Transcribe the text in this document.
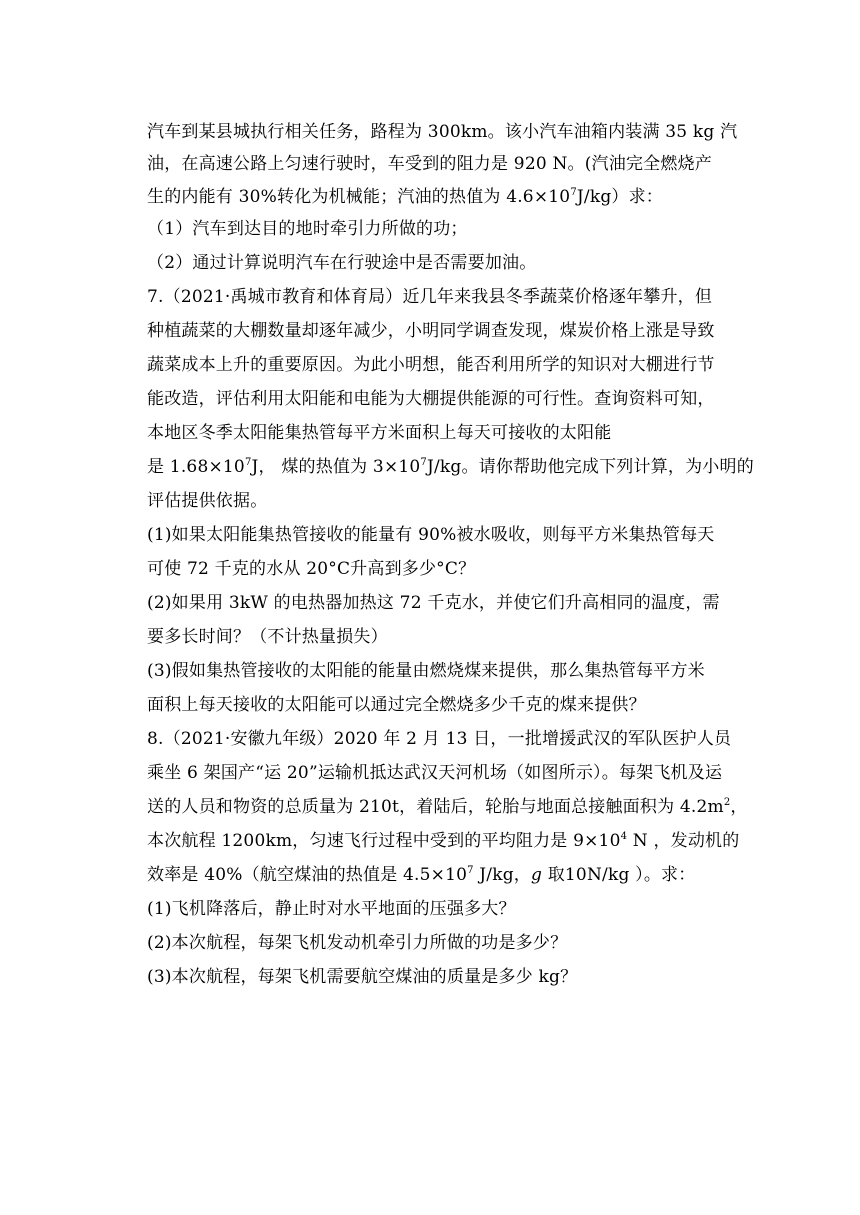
汽车到某县城执行相关任务，路程为 300km。该小汽车油箱内装满 35 kg 汽
油，在高速公路上匀速行驶时，车受到的阻力是 920 N。(汽油完全燃烧产
生的内能有 30%转化为机械能；汽油的热值为 $4.6\times 10^7J/kg$）求：
（1）汽车到达目的地时牵引力所做的功；
（2）通过计算说明汽车在行驶途中是否需要加油。
7.（2021·禹城市教育和体育局）近几年来我县冬季蔬菜价格逐年攀升，但
种植蔬菜的大棚数量却逐年减少，小明同学调查发现，煤炭价格上涨是导致
蔬菜成本上升的重要原因。为此小明想，能否利用所学的知识对大棚进行节
能改造，评估利用太阳能和电能为大棚提供能源的可行性。查询资料可知，
本地区冬季太阳能集热管每平方米面积上每天可接收的太阳能
是 $1.68\times 10^7J$， 煤的热值为 $3\times 10^7J/kg$。请你帮助他完成下列计算，为小明的
评估提供依据。
(1)如果太阳能集热管接收的能量有 90%被水吸收，则每平方米集热管每天
可使 72 千克的水从 20°C升高到多少°C？
(2)如果用 3kW 的电热器加热这 72 千克水，并使它们升高相同的温度，需
要多长时间？（不计热量损失）
(3)假如集热管接收的太阳能的能量由燃烧煤来提供，那么集热管每平方米
面积上每天接收的太阳能可以通过完全燃烧多少千克的煤来提供？
8.（2021·安徽九年级）2020 年 2 月 13 日，一批增援武汉的军队医护人员
乘坐 6 架国产“运 20”运输机抵达武汉天河机场（如图所示）。每架飞机及运
送的人员和物资的总质量为 210t，着陆后，轮胎与地面总接触面积为 $4.2m^2$，
本次航程 1200km，匀速飞行过程中受到的平均阻力是 $9\times 10^4$ N ，发动机的
效率是 40%（航空煤油的热值是 $4.5\times 10^7$ J/kg，g 取10N/kg ）。求：
(1)飞机降落后，静止时对水平地面的压强多大？
(2)本次航程，每架飞机发动机牵引力所做的功是多少？
(3)本次航程，每架飞机需要航空煤油的质量是多少 kg？
